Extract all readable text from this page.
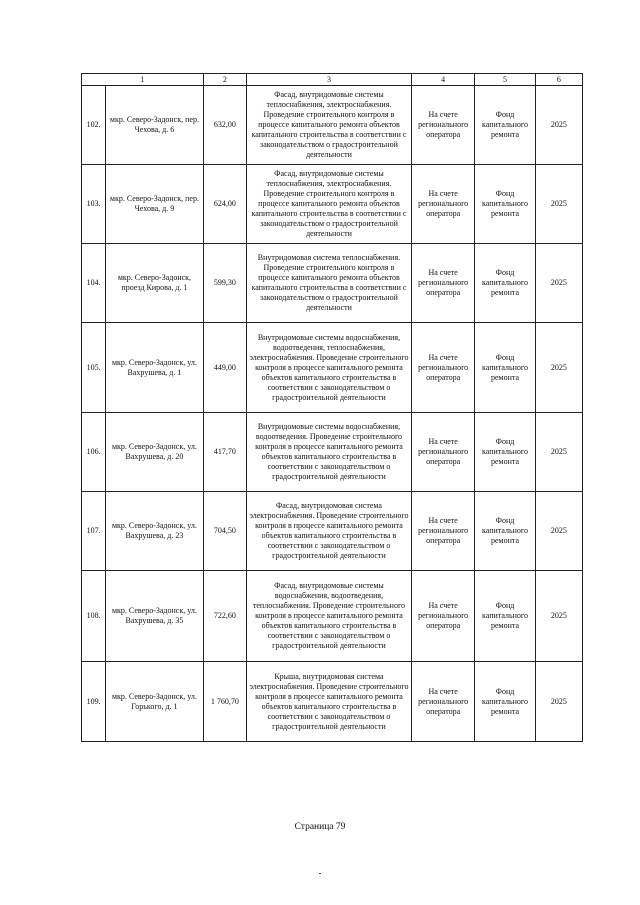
1		2	3	4	5	6
102.	мкр. Северо-Задонск, пер. Чехова, д. 6	632,00	Фасад, внутридомовые системы теплоснабжения, электроснабжения. Проведение строительного контроля в процессе капитального ремонта объектов капитального строительства в соответствии с законодательством о градостроительной деятельности	На счете регионального оператора	Фонд капитального ремонта	2025
103.	мкр. Северо-Задонск, пер. Чехова, д. 9	624,00	Фасад, внутридомовые системы теплоснабжения, электроснабжения. Проведение строительного контроля в процессе капитального ремонта объектов капитального строительства в соответствии с законодательством о градостроительной деятельности	На счете регионального оператора	Фонд капитального ремонта	2025
104.	мкр. Северо-Задонск, проезд Кирова, д. 1	599,30	Внутридомовая система теплоснабжения. Проведение строительного контроля в процессе капитального ремонта объектов капитального строительства в соответствии с законодательством о градостроительной деятельности	На счете регионального оператора	Фонд капитального ремонта	2025
105.	мкр. Северо-Задонск, ул. Вахрушева, д. 1	449,00	Внутридомовые системы водоснабжения, водоотведения, теплоснабжения, электроснабжения. Проведение строительного контроля в процессе капитального ремонта объектов капитального строительства в соответствии с законодательством о градостроительной деятельности	На счете регионального оператора	Фонд капитального ремонта	2025
106.	мкр. Северо-Задонск, ул. Вахрушева, д. 20	417,70	Внутридомовые системы водоснабжения, водоотведения. Проведение строительного контроля в процессе капитального ремонта объектов капитального строительства в соответствии с законодательством о градостроительной деятельности	На счете регионального оператора	Фонд капитального ремонта	2025
107.	мкр. Северо-Задонск, ул. Вахрушева, д. 23	704,50	Фасад, внутридомовая система электроснабжения. Проведение строительного контроля в процессе капитального ремонта объектов капитального строительства в соответствии с законодательством о градостроительной деятельности	На счете регионального оператора	Фонд капитального ремонта	2025
108.	мкр. Северо-Задонск, ул. Вахрушева, д. 35	722,60	Фасад, внутридомовые системы водоснабжения, водоотведения, теплоснабжения. Проведение строительного контроля в процессе капитального ремонта объектов капитального строительства в соответствии с законодательством о градостроительной деятельности	На счете регионального оператора	Фонд капитального ремонта	2025
109.	мкр. Северо-Задонск, ул. Горького, д. 1	1 760,70	Крыша, внутридомовая система электроснабжения. Проведение строительного контроля в процессе капитального ремонта объектов капитального строительства в соответствии с законодательством о градостроительной деятельности	На счете регионального оператора	Фонд капитального ремонта	2025
Страница 79
